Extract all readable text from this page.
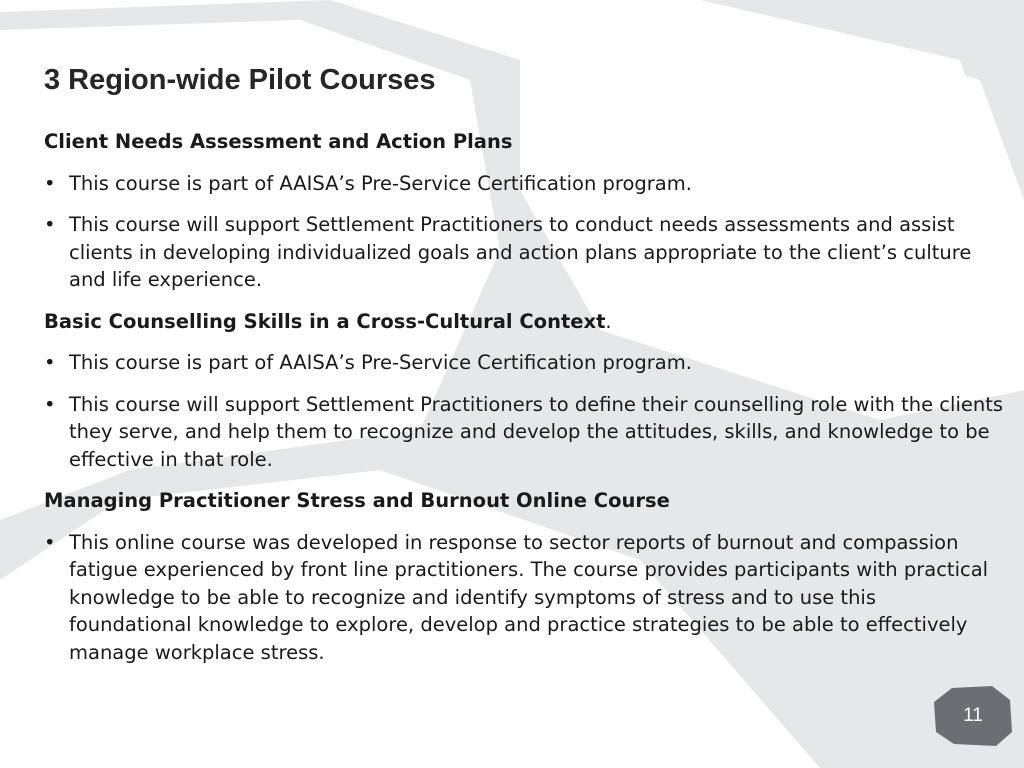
3 Region-wide Pilot Courses

Client Needs Assessment and Action Plans

• This course is part of AAISA’s Pre-Service Certification program.
• This course will support Settlement Practitioners to conduct needs assessments and assist clients in developing individualized goals and action plans appropriate to the client’s culture and life experience.

Basic Counselling Skills in a Cross-Cultural Context.

• This course is part of AAISA’s Pre-Service Certification program.
• This course will support Settlement Practitioners to define their counselling role with the clients they serve, and help them to recognize and develop the attitudes, skills, and knowledge to be effective in that role.

Managing Practitioner Stress and Burnout Online Course

• This online course was developed in response to sector reports of burnout and compassion fatigue experienced by front line practitioners. The course provides participants with practical knowledge to be able to recognize and identify symptoms of stress and to use this foundational knowledge to explore, develop and practice strategies to be able to effectively manage workplace stress.
11
